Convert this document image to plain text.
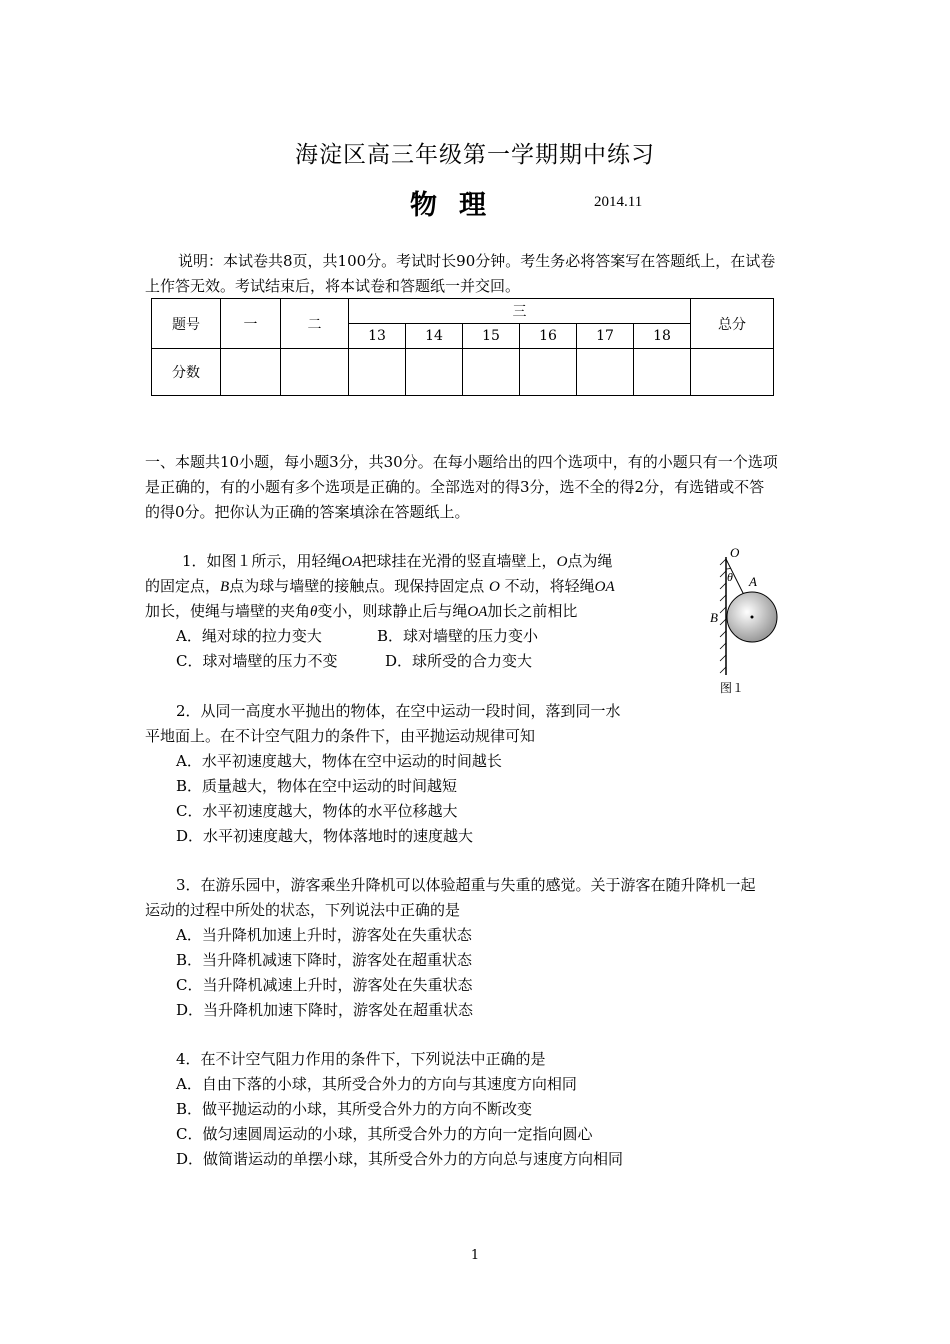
海淀区高三年级第一学期期中练习
物理	2014.11
说明：本试卷共8页，共100分。考试时长90分钟。考生务必将答案写在答题纸上，在试卷
上作答无效。考试结束后，将本试卷和答题纸一并交回。
题号	一	二	三						总分
			13	14	15	16	17	18	
分数									
一、本题共10小题，每小题3分，共30分。在每小题给出的四个选项中，有的小题只有一个选项
是正确的，有的小题有多个选项是正确的。全部选对的得3分，选不全的得2分，有选错或不答
的得0分。把你认为正确的答案填涂在答题纸上。
1．如图１所示，用轻绳OA把球挂在光滑的竖直墙壁上，O点为绳
的固定点，B点为球与墙壁的接触点。现保持固定点 O 不动，将轻绳OA
加长，使绳与墙壁的夹角θ变小，则球静止后与绳OA加长之前相比
A．绳对球的拉力变大	B．球对墙壁的压力变小
C．球对墙壁的压力不变	D．球所受的合力变大
O
θ A
B
图１
2．从同一高度水平抛出的物体，在空中运动一段时间，落到同一水
平地面上。在不计空气阻力的条件下，由平抛运动规律可知
A．水平初速度越大，物体在空中运动的时间越长
B．质量越大，物体在空中运动的时间越短
C．水平初速度越大，物体的水平位移越大
D．水平初速度越大，物体落地时的速度越大
3．在游乐园中，游客乘坐升降机可以体验超重与失重的感觉。关于游客在随升降机一起
运动的过程中所处的状态，下列说法中正确的是
A．当升降机加速上升时，游客处在失重状态
B．当升降机减速下降时，游客处在超重状态
C．当升降机减速上升时，游客处在失重状态
D．当升降机加速下降时，游客处在超重状态
4．在不计空气阻力作用的条件下，下列说法中正确的是
A．自由下落的小球，其所受合外力的方向与其速度方向相同
B．做平抛运动的小球，其所受合外力的方向不断改变
C．做匀速圆周运动的小球，其所受合外力的方向一定指向圆心
D．做简谐运动的单摆小球，其所受合外力的方向总与速度方向相同
1
